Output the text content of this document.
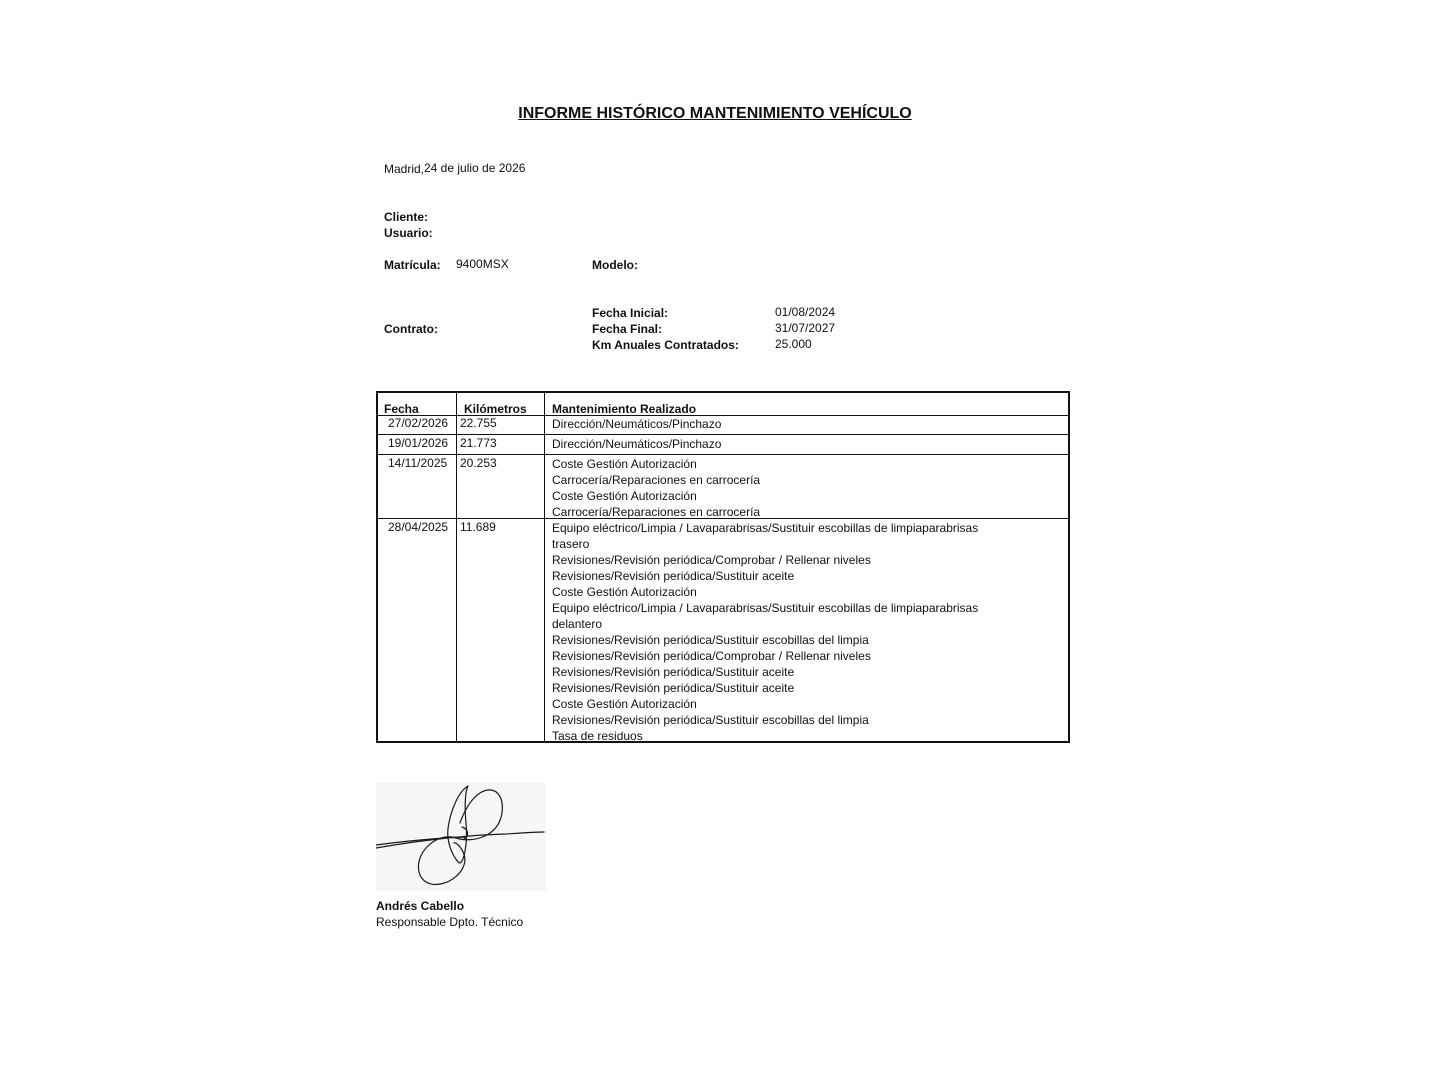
INFORME HISTÓRICO MANTENIMIENTO VEHÍCULO
Madrid, 24 de julio de 2026
Cliente:
Usuario:
Matrícula: 9400MSX	Modelo:
Contrato:
Fecha Inicial:	01/08/2024
Fecha Final:	31/07/2027
Km Anuales Contratados:	25.000
Fecha	Kilómetros Mantenimiento Realizado
27/02/2026 22.755	Dirección/Neumáticos/Pinchazo
19/01/2026 21.773	Dirección/Neumáticos/Pinchazo
14/11/2025 20.253	Coste Gestión Autorización
Carrocería/Reparaciones en carrocería
Coste Gestión Autorización
Carrocería/Reparaciones en carrocería
28/04/2025 11.689	Equipo eléctrico/Limpia / Lavaparabrisas/Sustituir escobillas de limpiaparabrisas
trasero
Revisiones/Revisión periódica/Comprobar / Rellenar niveles
Revisiones/Revisión periódica/Sustituir aceite
Coste Gestión Autorización
Equipo eléctrico/Limpia / Lavaparabrisas/Sustituir escobillas de limpiaparabrisas
delantero
Revisiones/Revisión periódica/Sustituir escobillas del limpia
Revisiones/Revisión periódica/Comprobar / Rellenar niveles
Revisiones/Revisión periódica/Sustituir aceite
Revisiones/Revisión periódica/Sustituir aceite
Coste Gestión Autorización
Revisiones/Revisión periódica/Sustituir escobillas del limpia
Tasa de residuos
Andrés Cabello
Responsable Dpto. Técnico
